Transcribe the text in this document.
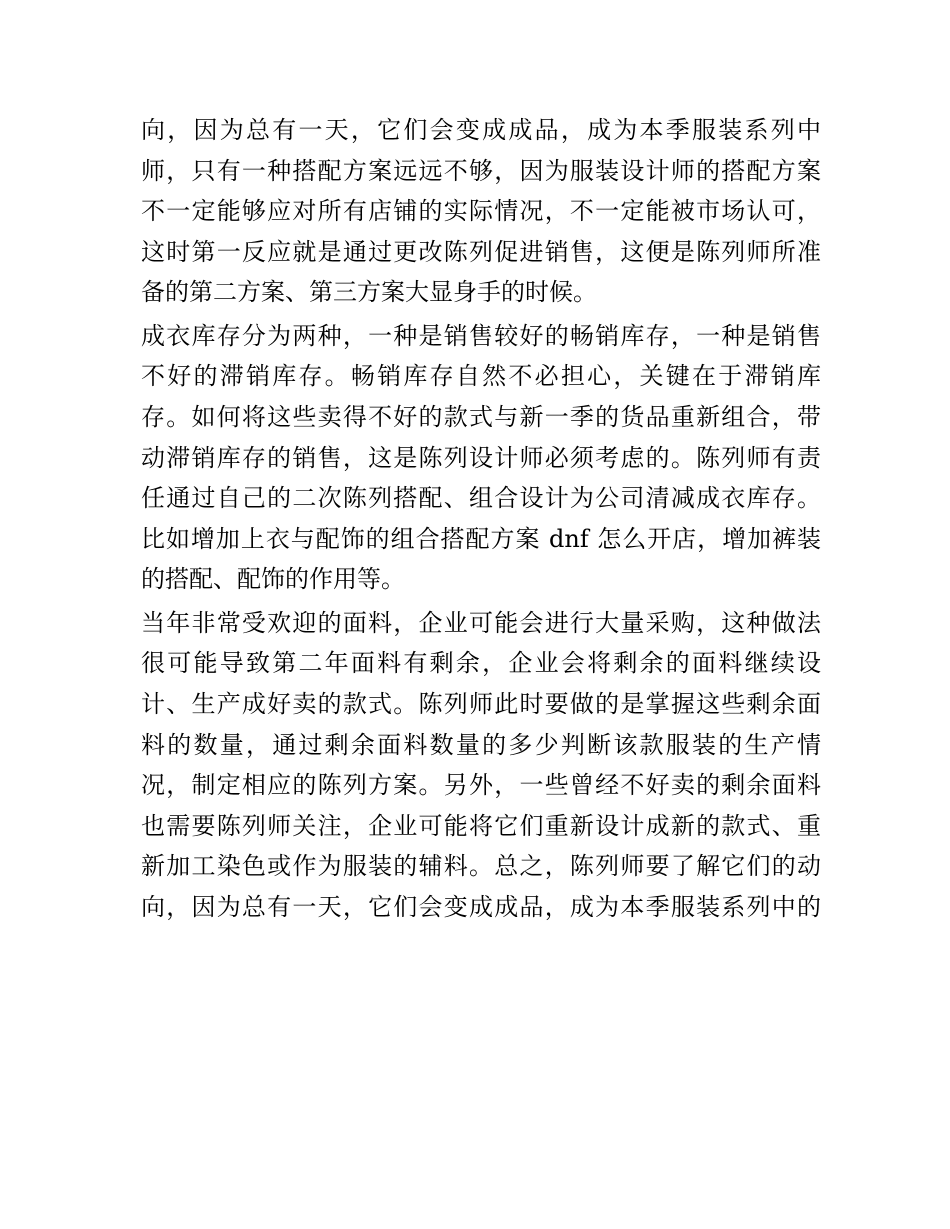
向，因为总有一天，它们会变成成品，成为本季服装系列中
师，只有一种搭配方案远远不够，因为服装设计师的搭配方案
不一定能够应对所有店铺的实际情况，不一定能被市场认可，
这时第一反应就是通过更改陈列促进销售，这便是陈列师所准
备的第二方案、第三方案大显身手的时候。
成衣库存分为两种，一种是销售较好的畅销库存，一种是销售
不好的滞销库存。畅销库存自然不必担心，关键在于滞销库
存。如何将这些卖得不好的款式与新一季的货品重新组合，带
动滞销库存的销售，这是陈列设计师必须考虑的。陈列师有责
任通过自己的二次陈列搭配、组合设计为公司清减成衣库存。
比如增加上衣与配饰的组合搭配方案 dnf 怎么开店，增加裤装
的搭配、配饰的作用等。
当年非常受欢迎的面料，企业可能会进行大量采购，这种做法
很可能导致第二年面料有剩余，企业会将剩余的面料继续设
计、生产成好卖的款式。陈列师此时要做的是掌握这些剩余面
料的数量，通过剩余面料数量的多少判断该款服装的生产情
况，制定相应的陈列方案。另外，一些曾经不好卖的剩余面料
也需要陈列师关注，企业可能将它们重新设计成新的款式、重
新加工染色或作为服装的辅料。总之，陈列师要了解它们的动
向，因为总有一天，它们会变成成品，成为本季服装系列中的
